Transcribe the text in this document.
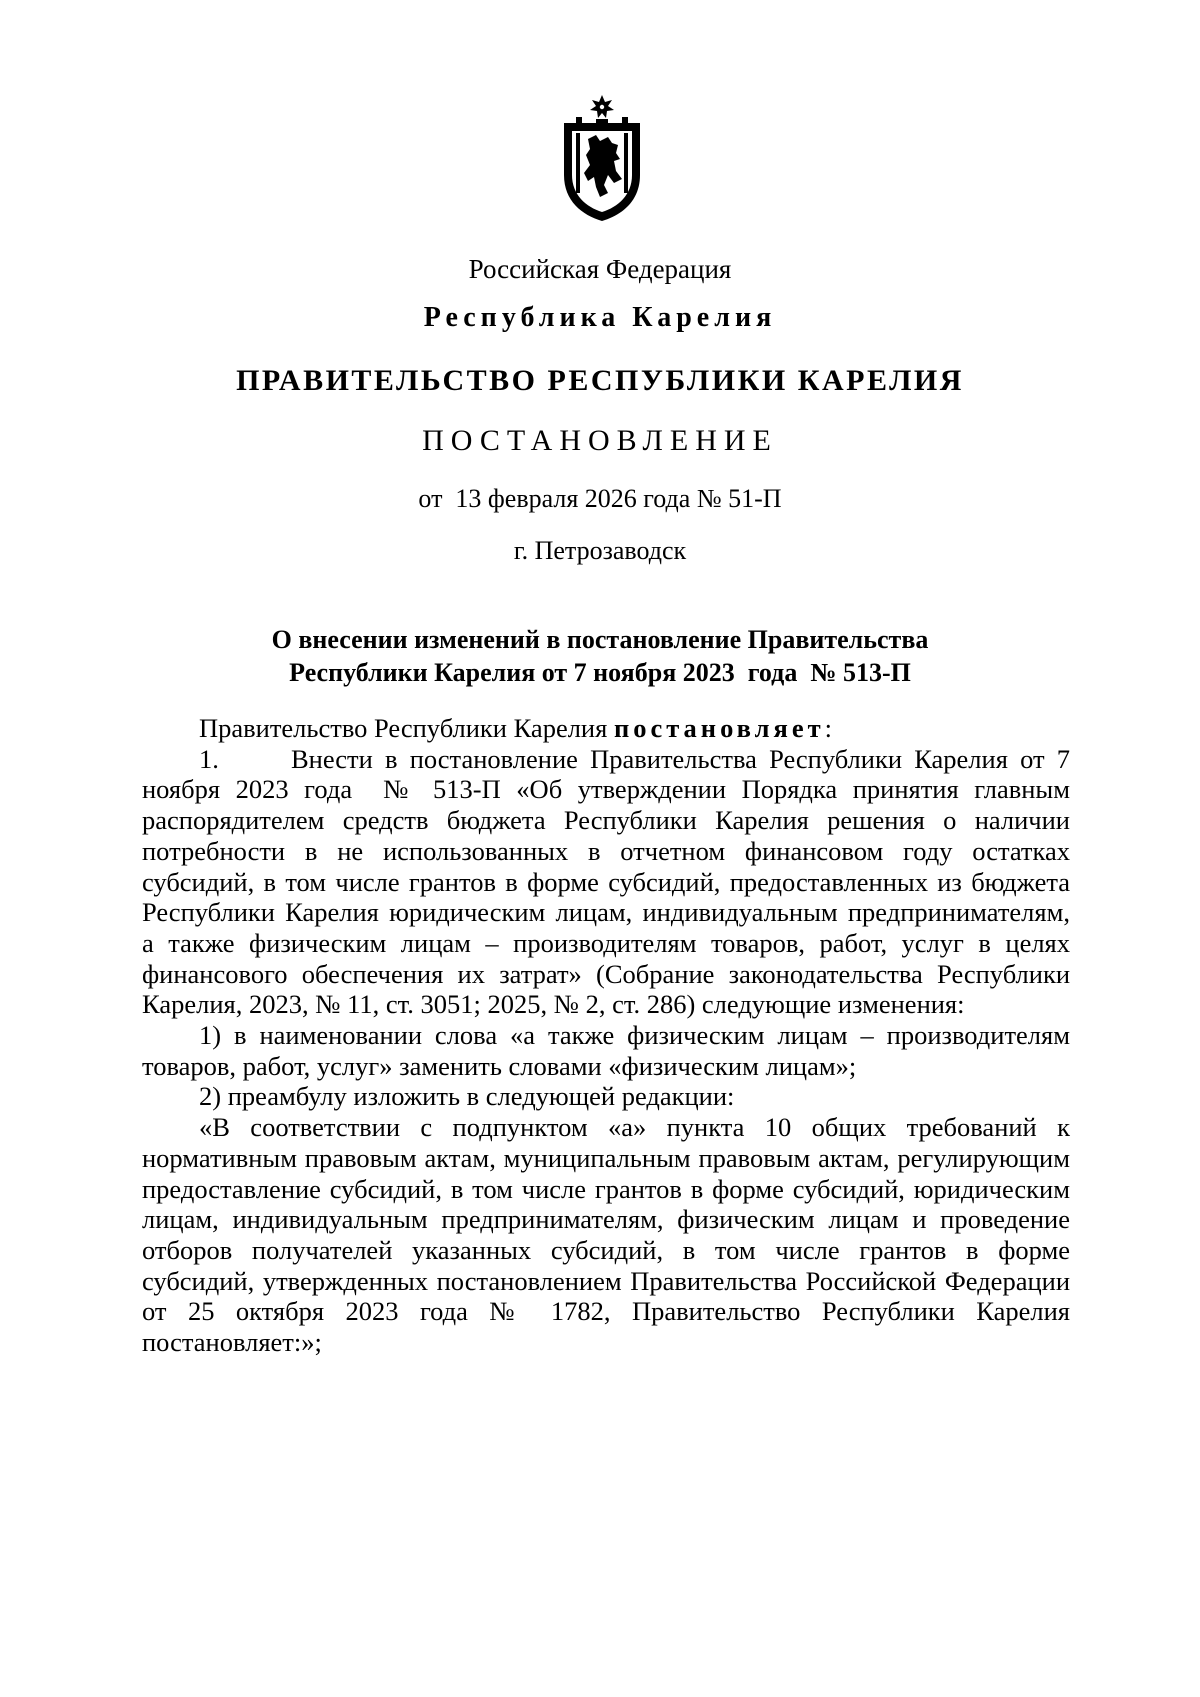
Российская Федерация
Республика Карелия
ПРАВИТЕЛЬСТВО РЕСПУБЛИКИ КАРЕЛИЯ
ПОСТАНОВЛЕНИЕ
от  13 февраля 2026 года № 51-П
г. Петрозаводск
О внесении изменений в постановление Правительства
Республики Карелия от 7 ноября 2023  года  № 513-П

Правительство Республики Карелия постановляет:

1.	Внести в постановление Правительства Республики Карелия от 7 ноября 2023 года  № 513-П «Об утверждении Порядка принятия главным распорядителем средств бюджета Республики Карелия решения о наличии потребности в не использованных в отчетном финансовом году остатках субсидий, в том числе грантов в форме субсидий, предоставленных из бюджета Республики Карелия юридическим лицам, индивидуальным предпринимателям, а также физическим лицам – производителям товаров, работ, услуг в целях финансового обеспечения их затрат» (Собрание законодательства Республики Карелия, 2023, № 11, ст. 3051; 2025, № 2, ст. 286) следующие изменения:

1) в наименовании слова «а также физическим лицам – производителям товаров, работ, услуг» заменить словами «физическим лицам»;

2) преамбулу изложить в следующей редакции:

«В соответствии с подпунктом «а» пункта 10 общих требований к нормативным правовым актам, муниципальным правовым актам, регулирующим предоставление субсидий, в том числе грантов в форме субсидий, юридическим лицам, индивидуальным предпринимателям, физическим лицам и проведение отборов получателей указанных субсидий, в том числе грантов в форме субсидий, утвержденных постановлением Правительства Российской Федерации от 25 октября 2023 года № 1782, Правительство Республики Карелия постановляет:»;
